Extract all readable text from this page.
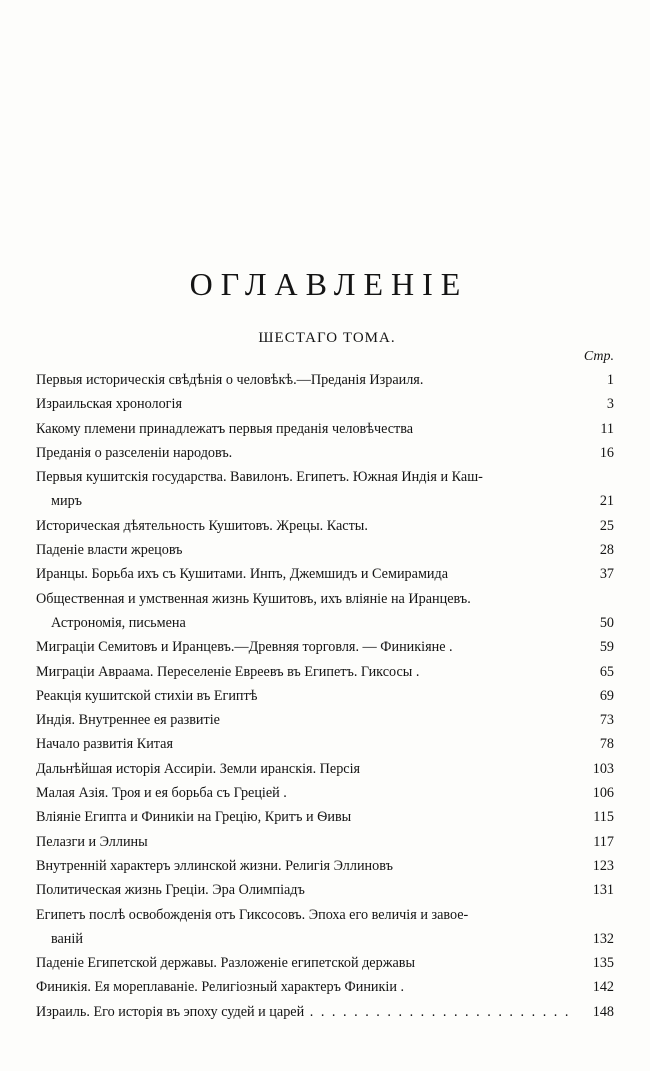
ОГЛАВЛЕНІЕ
ШЕСТАГО ТОМА.
Стр.
Первыя историческія свѣдѣнія о человѣкѣ.—Преданія Израиля.	1
Израильская хронологія	3
Какому племени принадлежатъ первыя преданія человѣчества	11
Преданія о разселеніи народовъ.	16
Первыя кушитскія государства. Вавилонъ. Египетъ. Южная Индія и Каш-
миръ	21
Историческая дѣятельность Кушитовъ. Жрецы. Касты.	25
Паденіе власти жрецовъ	28
Иранцы. Борьба ихъ съ Кушитами. Инпъ, Джемшидъ и Семирамида	37
Общественная и умственная жизнь Кушитовъ, ихъ вліяніе на Иранцевъ.
Астрономія, письмена	50
Миграціи Семитовъ и Иранцевъ.—Древняя торговля. — Финикіяне .	59
Миграціи Авраама. Переселеніе Евреевъ въ Египетъ. Гиксосы .	65
Реакція кушитской стихіи въ Египтѣ	69
Индія. Внутреннее ея развитіе	73
Начало развитія Китая	78
Дальнѣйшая исторія Ассиріи. Земли иранскія. Персія	103
Малая Азія. Троя и ея борьба съ Греціей .	106
Вліяніе Египта и Финикіи на Грецію, Критъ и Ѳивы	115
Пелазги и Эллины	117
Внутренній характеръ эллинской жизни. Религія Эллиновъ	123
Политическая жизнь Греціи. Эра Олимпіадъ	131
Египетъ послѣ освобожденія отъ Гиксосовъ. Эпоха его величія и завое-
ваній	132
Паденіе Египетской державы. Разложеніе египетской державы	135
Финикія. Ея мореплаваніе. Религіозный характеръ Финикіи .	142
Израиль. Его исторія въ эпоху судей и царей . . .	148
